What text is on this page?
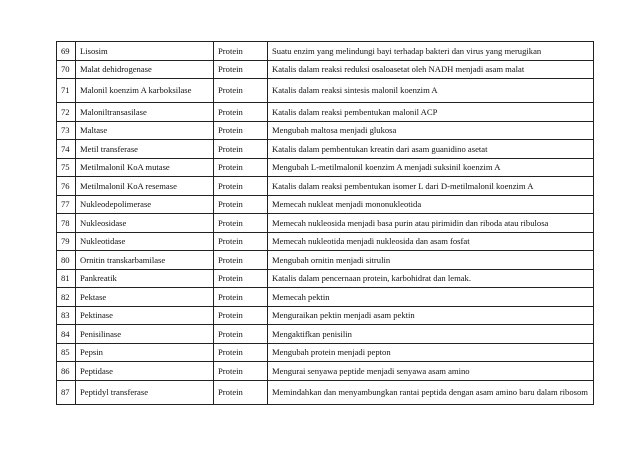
69	Lisosim	Protein	Suatu enzim yang melindungi bayi terhadap bakteri dan virus yang merugikan
70	Malat dehidrogenase	Protein	Katalis dalam reaksi reduksi osaloasetat oleh NADH menjadi asam malat
71	Malonil koenzim A karboksilase	Protein	Katalis dalam reaksi sintesis malonil koenzim A
72	Maloniltransasilase	Protein	Katalis dalam reaksi pembentukan malonil ACP
73	Maltase	Protein	Mengubah maltosa menjadi glukosa
74	Metil transferase	Protein	Katalis dalam pembentukan kreatin dari asam guanidino asetat
75	Metilmalonil KoA mutase	Protein	Mengubah L-metilmalonil koenzim A menjadi suksinil koenzim A
76	Metilmalonil KoA resemase	Protein	Katalis dalam reaksi pembentukan isomer L dari D-metilmalonil koenzim A
77	Nukleodepolimerase	Protein	Memecah nukleat menjadi mononukleotida
78	Nukleosidase	Protein	Memecah nukleosida menjadi basa purin atau pirimidin dan riboda atau ribulosa
79	Nukleotidase	Protein	Memecah nukleotida menjadi nukleosida dan asam fosfat
80	Ornitin transkarbamilase	Protein	Mengubah ornitin menjadi sitrulin
81	Pankreatik	Protein	Katalis dalam pencernaan protein, karbohidrat dan lemak.
82	Pektase	Protein	Memecah pektin
83	Pektinase	Protein	Menguraikan pektin menjadi asam pektin
84	Penisilinase	Protein	Mengaktifkan penisilin
85	Pepsin	Protein	Mengubah protein menjadi pepton
86	Peptidase	Protein	Mengurai senyawa peptide menjadi senyawa asam amino
87	Peptidyl transferase	Protein	Memindahkan dan menyambungkan rantai peptida dengan asam amino baru dalam ribosom
